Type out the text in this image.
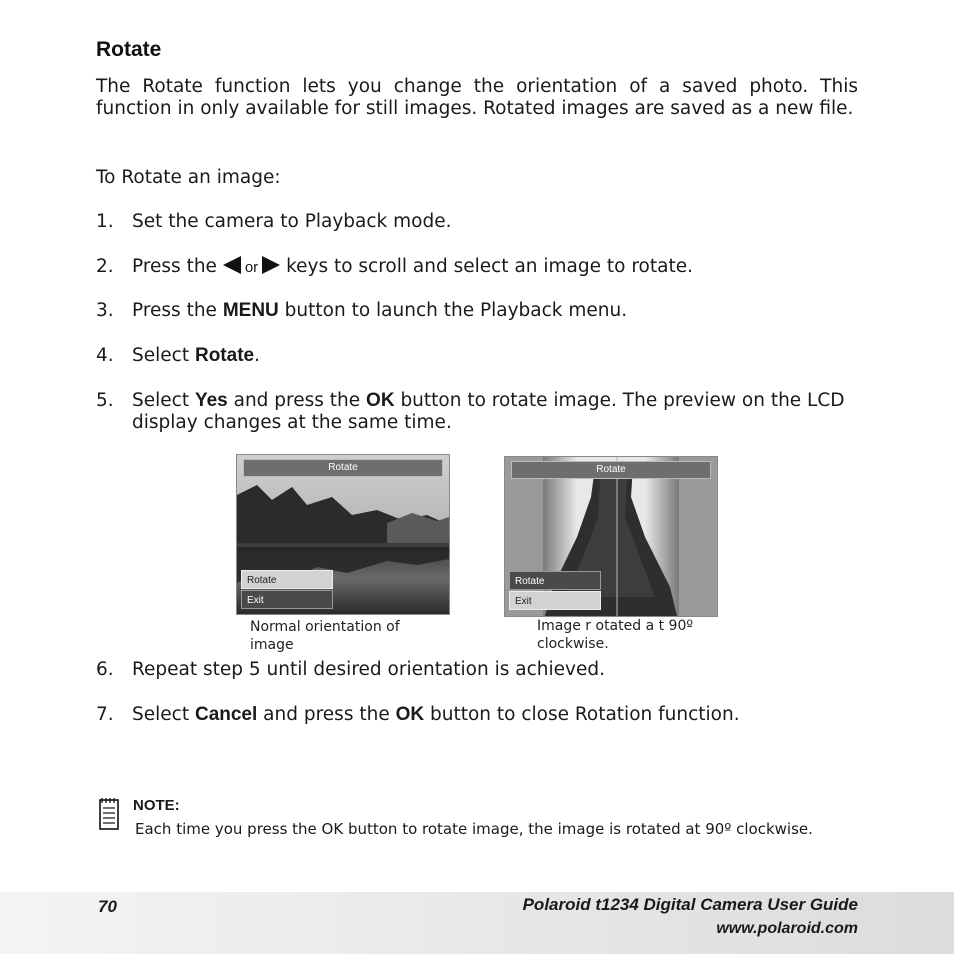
Rotate
The Rotate function lets you change the orientation of a saved photo. This function in only available for still images. Rotated images are saved as a new file.
To Rotate an image:
1. Set the camera to Playback mode.
2. Press the or keys to scroll and select an image to rotate.
3. Press the MENU button to launch the Playback menu.
4. Select Rotate.
5. Select Yes and press the OK button to rotate image. The preview on the LCD display changes at the same time.
Rotate
Rotate
Exit
Rotate
Rotate
Exit
Normal orientation of image
Image r otated a t 90º clockwise.
6. Repeat step 5 until desired orientation is achieved.
7. Select Cancel and press the OK button to close Rotation function.
NOTE:
Each time you press the OK button to rotate image, the image is rotated at 90º clockwise.
70	Polaroid t1234 Digital Camera User Guide
www.polaroid.com
